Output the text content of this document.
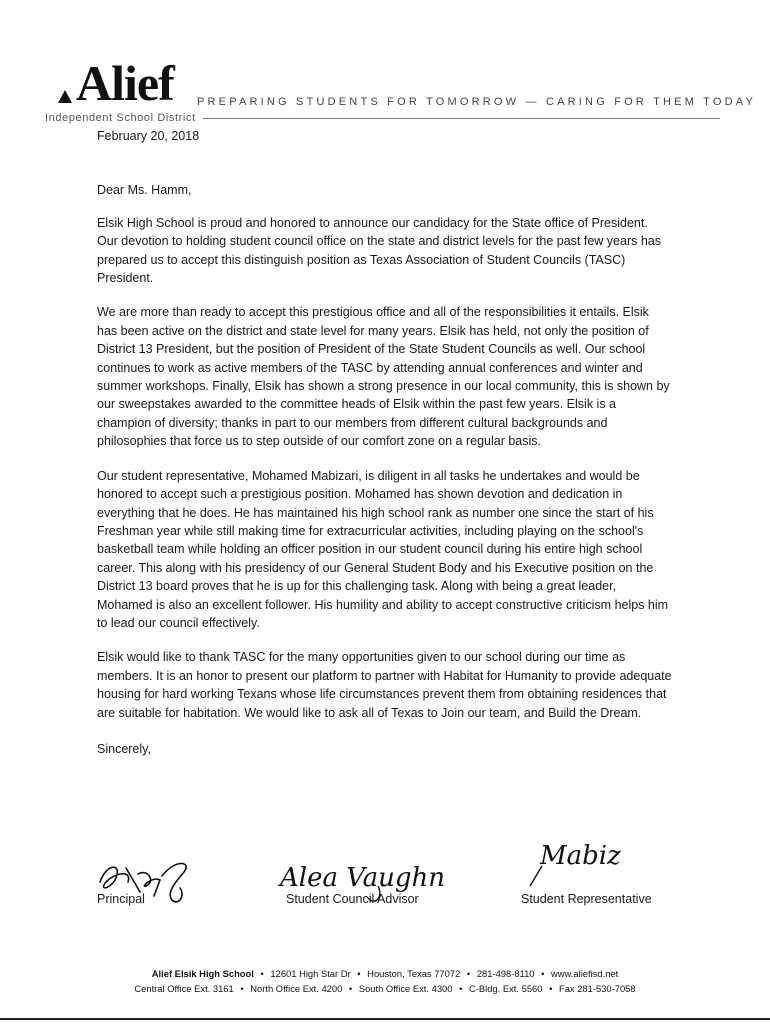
Alief
Independent School District
PREPARING STUDENTS FOR TOMORROW — CARING FOR THEM TODAY

February 20, 2018

Dear Ms. Hamm,

Elsik High School is proud and honored to announce our candidacy for the State office of President. Our devotion to holding student council office on the state and district levels for the past few years has prepared us to accept this distinguish position as Texas Association of Student Councils (TASC) President.

We are more than ready to accept this prestigious office and all of the responsibilities it entails. Elsik has been active on the district and state level for many years. Elsik has held, not only the position of District 13 President, but the position of President of the State Student Councils as well. Our school continues to work as active members of the TASC by attending annual conferences and winter and summer workshops. Finally, Elsik has shown a strong presence in our local community, this is shown by our sweepstakes awarded to the committee heads of Elsik within the past few years. Elsik is a champion of diversity; thanks in part to our members from different cultural backgrounds and philosophies that force us to step outside of our comfort zone on a regular basis.

Our student representative, Mohamed Mabizari, is diligent in all tasks he undertakes and would be honored to accept such a prestigious position. Mohamed has shown devotion and dedication in everything that he does. He has maintained his high school rank as number one since the start of his Freshman year while still making time for extracurricular activities, including playing on the school's basketball team while holding an officer position in our student council during his entire high school career. This along with his presidency of our General Student Body and his Executive position on the District 13 board proves that he is up for this challenging task. Along with being a great leader, Mohamed is also an excellent follower. His humility and ability to accept constructive criticism helps him to lead our council effectively.

Elsik would like to thank TASC for the many opportunities given to our school during our time as members. It is an honor to present our platform to partner with Habitat for Humanity to provide adequate housing for hard working Texans whose life circumstances prevent them from obtaining residences that are suitable for habitation. We would like to ask all of Texas to Join our team, and Build the Dream.

Sincerely,

Principal
Alea Vaughn
Student Council Advisor
Mabiz
Student Representative
Alief Elsik High School • 12601 High Star Dr • Houston, Texas 77072 • 281-498-8110 • www.aliefisd.net
Central Office Ext. 3161 • North Office Ext. 4200 • South Office Ext. 4300 • C-Bldg. Ext. 5560 • Fax 281-530-7058
